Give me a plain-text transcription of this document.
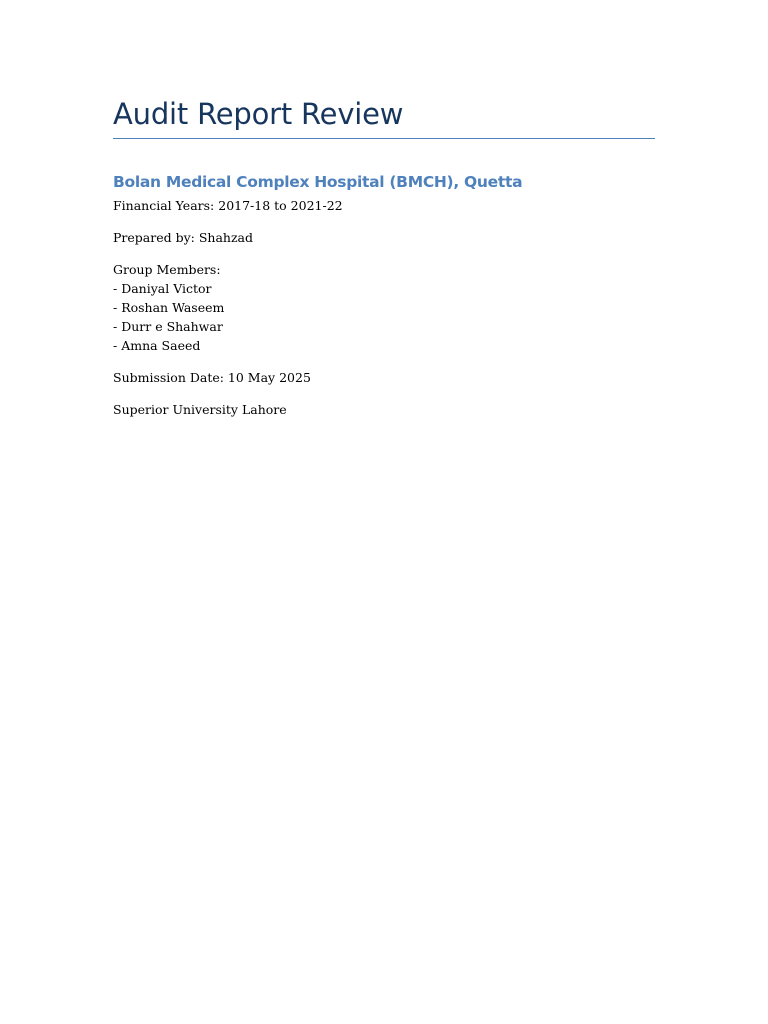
Audit Report Review
Bolan Medical Complex Hospital (BMCH), Quetta

Financial Years: 2017-18 to 2021-22

Prepared by: Shahzad

Group Members:
- Daniyal Victor
- Roshan Waseem
- Durr e Shahwar
- Amna Saeed

Submission Date: 10 May 2025

Superior University Lahore
